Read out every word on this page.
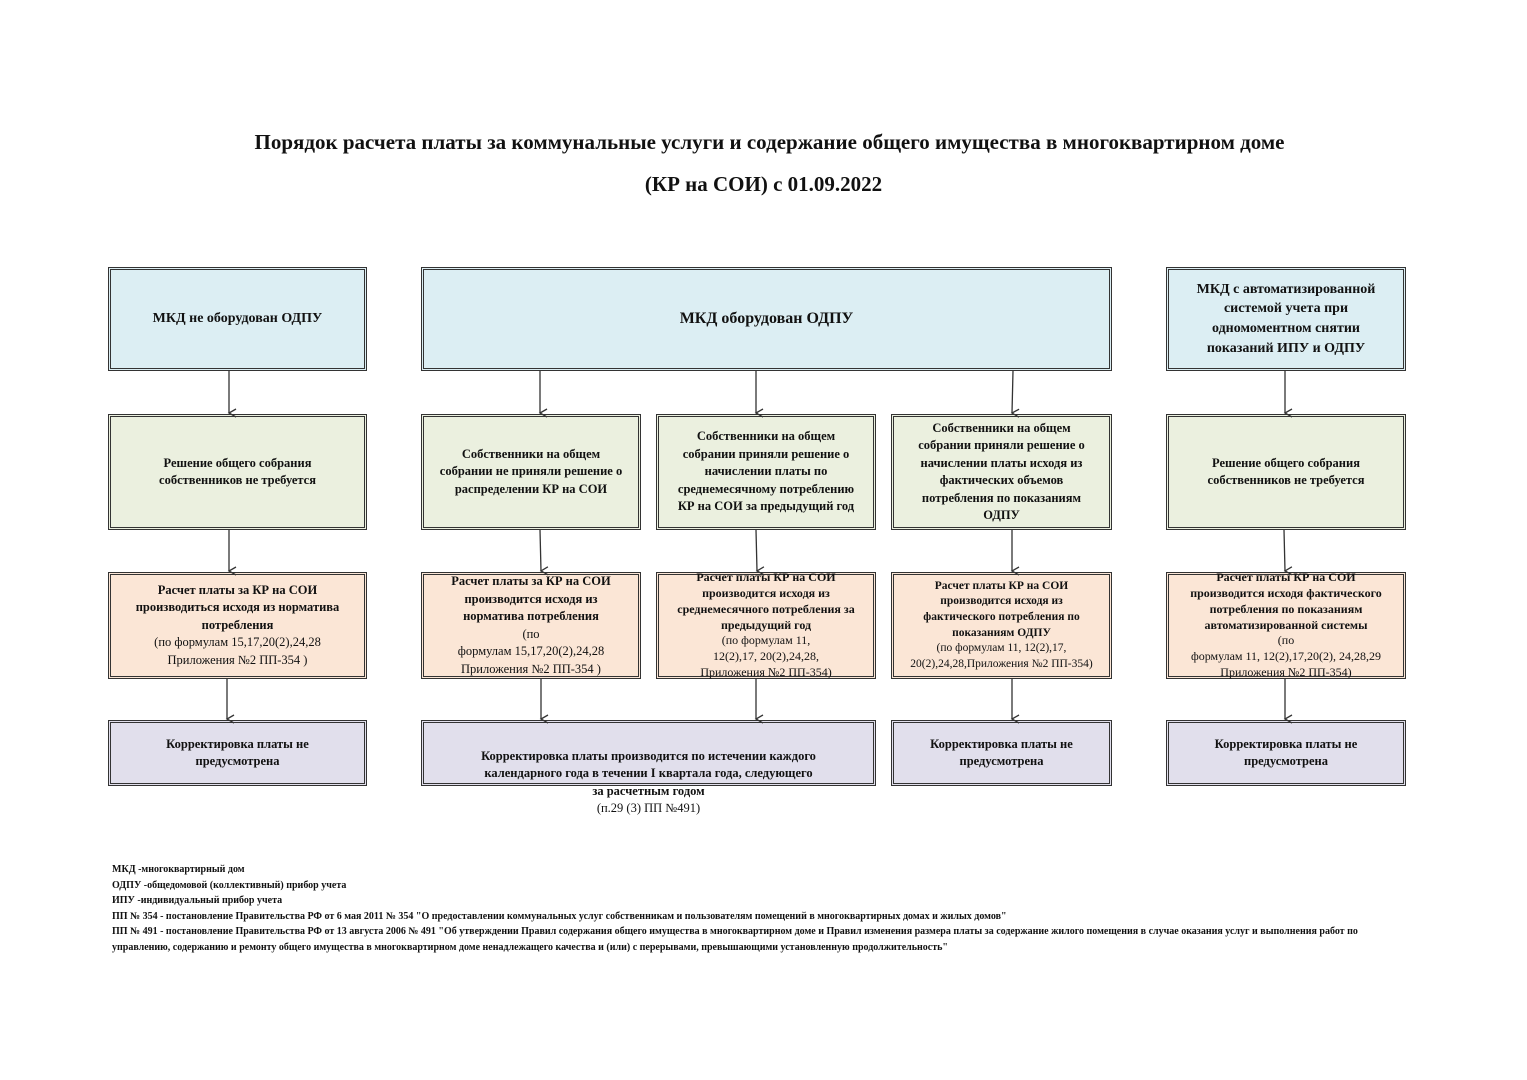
Порядок расчета платы за коммунальные услуги и содержание общего имущества в многоквартирном доме
(КР на СОИ) с 01.09.2022
МКД не оборудован ОДПУ	МКД оборудован ОДПУ
МКД с автоматизированной
системой учета при
одномоментном снятии
показаний ИПУ и ОДПУ
Решение общего собрания
собственников не требуется
Собственники на общем
собрании не приняли решение о
распределении КР на СОИ
Собственники на общем
собрании приняли решение о
начислении платы по
среднемесячному потреблению
КР на СОИ за предыдущий год
Собственники на общем
собрании приняли решение о
начислении платы исходя из
фактических объемов
потребления по показаниям
ОДПУ
Решение общего собрания
собственников не требуется
Расчет платы за КР на СОИ
производиться исходя из норматива
потребления
(по формулам 15,17,20(2),24,28
Приложения №2 ПП-354 )
Расчет платы за КР на СОИ
производится исходя из
норматива потребления
(по
формулам 15,17,20(2),24,28
Приложения №2 ПП-354 )
Расчет платы КР на СОИ
производится исходя из
среднемесячного потребления за
предыдущий год
(по формулам 11,
12(2),17, 20(2),24,28,
Приложения №2 ПП-354)
Расчет платы КР на СОИ
производится исходя из
фактического потребления по
показаниям ОДПУ
(по формулам 11, 12(2),17,
20(2),24,28,Приложения №2 ПП-354)
Расчет платы КР на СОИ
производится исходя фактического
потребления по показаниям
автоматизированной системы
(по
формулам 11, 12(2),17,20(2), 24,28,29
Приложения №2 ПП-354)
Корректировка платы не
предусмотрена	Корректировка платы производится по истечении каждого
календарного года в течении I квартала года, следующего
за расчетным годом
(п.29 (3) ПП №491)

Корректировка платы не
предусмотрена
Корректировка платы не
предусмотрена
МКД -многоквартирный дом
ОДПУ -общедомовой (коллективный) прибор учета
ИПУ -индивидуальный прибор учета
ПП № 354 - постановление Правительства РФ от 6 мая 2011 № 354 "О предоставлении коммунальных услуг собственникам и пользователям помещений в многоквартирных домах и жилых домов"
ПП № 491 - постановление Правительства РФ от 13 августа 2006 № 491 "Об утверждении Правил содержания общего имущества в многоквартирном доме и Правил изменения размера платы за содержание жилого помещения в случае оказания услуг и выполнения работ по управлению, содержанию и ремонту общего имущества в многоквартирном доме ненадлежащего качества и (или) с перерывами, превышающими установленную продолжительность"
